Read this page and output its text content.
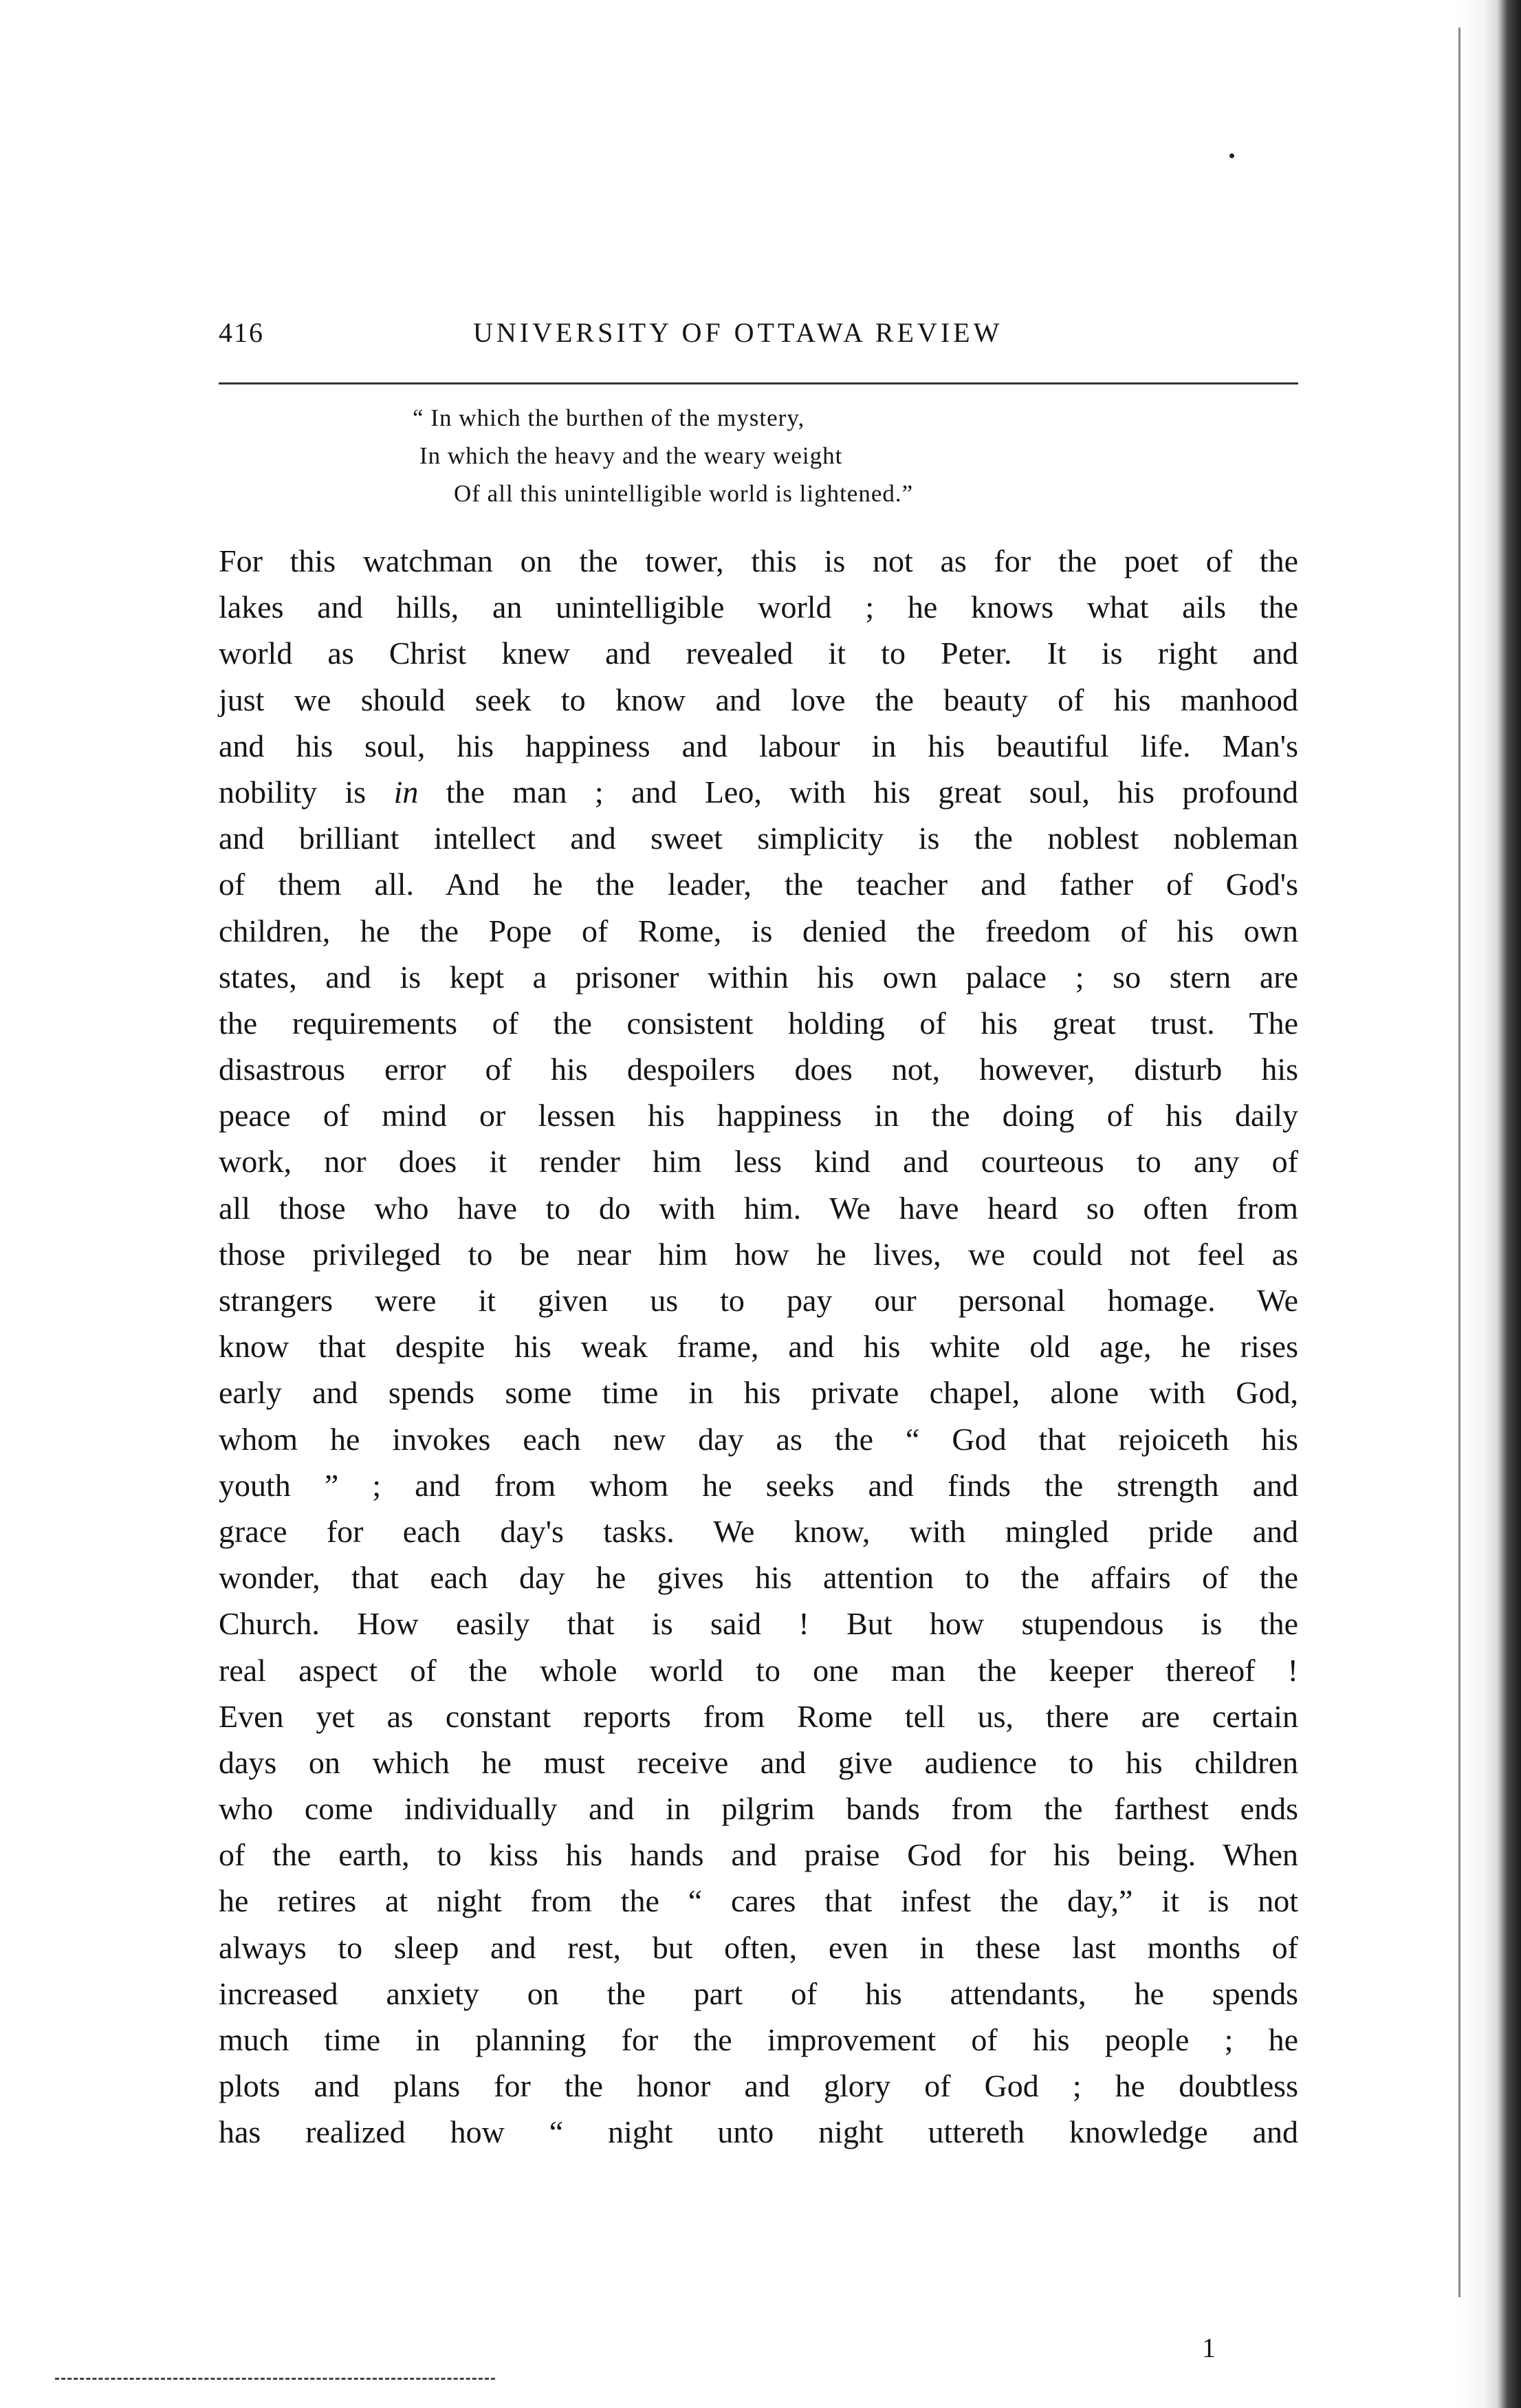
416	UNIVERSITY OF OTTAWA REVIEW
“ In which the burthen of the mystery,
In which the heavy and the weary weight
Of all this unintelligible world is lightened.”
For this watchman on the tower, this is not as for the poet of the
lakes and hills, an unintelligible world ; he knows what ails the
world as Christ knew and revealed it to Peter. It is right and
just we should seek to know and love the beauty of his manhood
and his soul, his happiness and labour in his beautiful life. Man's
nobility is in the man ; and Leo, with his great soul, his profound
and brilliant intellect and sweet simplicity is the noblest nobleman
of them all. And he the leader, the teacher and father of God's
children, he the Pope of Rome, is denied the freedom of his own
states, and is kept a prisoner within his own palace ; so stern are
the requirements of the consistent holding of his great trust. The
disastrous error of his despoilers does not, however, disturb his
peace of mind or lessen his happiness in the doing of his daily
work, nor does it render him less kind and courteous to any of
all those who have to do with him. We have heard so often from
those privileged to be near him how he lives, we could not feel as
strangers were it given us to pay our personal homage. We
know that despite his weak frame, and his white old age, he rises
early and spends some time in his private chapel, alone with God,
whom he invokes each new day as the “ God that rejoiceth his
youth ” ; and from whom he seeks and finds the strength and
grace for each day's tasks. We know, with mingled pride and
wonder, that each day he gives his attention to the affairs of the
Church. How easily that is said ! But how stupendous is the
real aspect of the whole world to one man the keeper thereof !
Even yet as constant reports from Rome tell us, there are certain
days on which he must receive and give audience to his children
who come individually and in pilgrim bands from the farthest ends
of the earth, to kiss his hands and praise God for his being. When
he retires at night from the “ cares that infest the day,” it is not
always to sleep and rest, but often, even in these last months of
increased anxiety on the part of his attendants, he spends
much time in planning for the improvement of his people ; he
plots and plans for the honor and glory of God ; he doubtless
has realized how “ night unto night uttereth knowledge and
1
